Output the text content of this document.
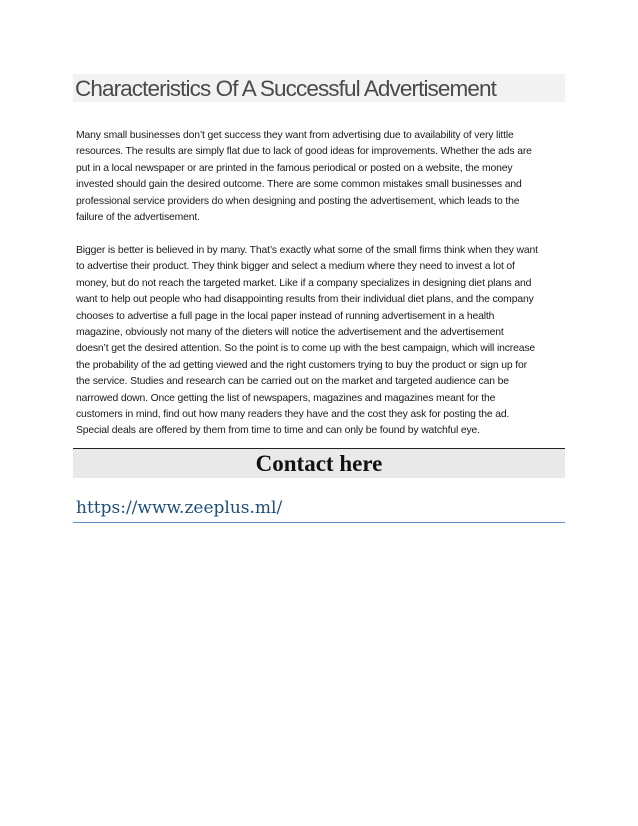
Characteristics Of A Successful Advertisement
Many small businesses don’t get success they want from advertising due to availability of very little
resources. The results are simply flat due to lack of good ideas for improvements. Whether the ads are
put in a local newspaper or are printed in the famous periodical or posted on a website, the money
invested should gain the desired outcome. There are some common mistakes small businesses and
professional service providers do when designing and posting the advertisement, which leads to the
failure of the advertisement.
Bigger is better is believed in by many. That’s exactly what some of the small firms think when they want
to advertise their product. They think bigger and select a medium where they need to invest a lot of
money, but do not reach the targeted market. Like if a company specializes in designing diet plans and
want to help out people who had disappointing results from their individual diet plans, and the company
chooses to advertise a full page in the local paper instead of running advertisement in a health
magazine, obviously not many of the dieters will notice the advertisement and the advertisement
doesn’t get the desired attention. So the point is to come up with the best campaign, which will increase
the probability of the ad getting viewed and the right customers trying to buy the product or sign up for
the service. Studies and research can be carried out on the market and targeted audience can be
narrowed down. Once getting the list of newspapers, magazines and magazines meant for the
customers in mind, find out how many readers they have and the cost they ask for posting the ad.
Special deals are offered by them from time to time and can only be found by watchful eye.
Contact here
https://www.zeeplus.ml/
